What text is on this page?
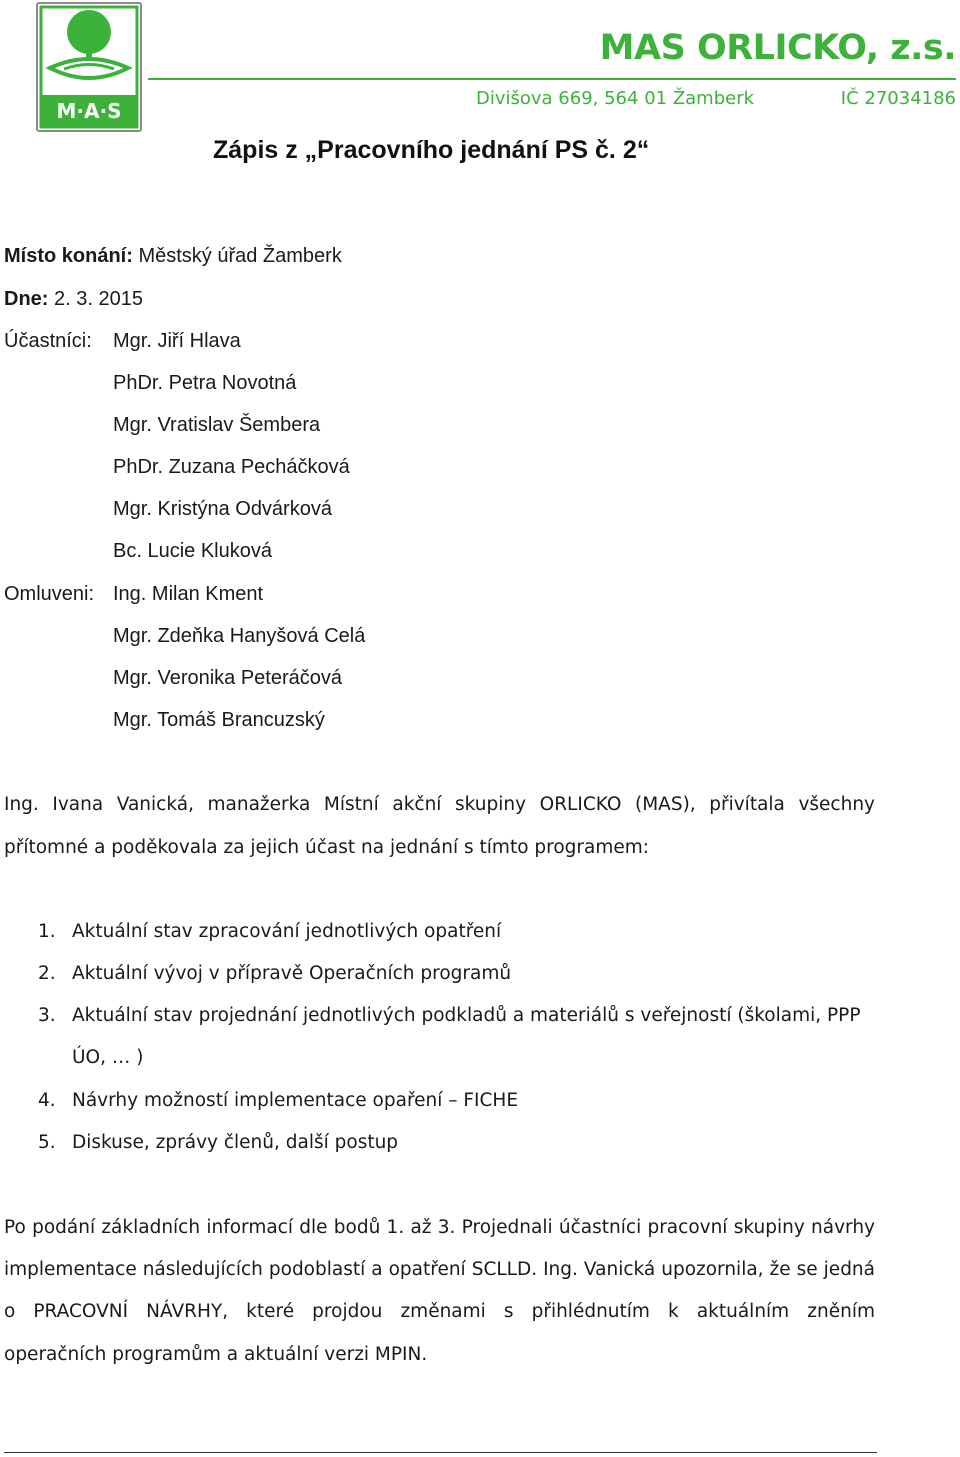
M·A·S
MAS ORLICKO, z.s.
Divišova 669, 564 01 Žamberk	IČ 27034186
Zápis z „Pracovního jednání PS č. 2“
Místo konání: Městský úřad Žamberk
Dne: 2. 3. 2015
Účastníci: Mgr. Jiří Hlava
PhDr. Petra Novotná
Mgr. Vratislav Šembera
PhDr. Zuzana Pecháčková
Mgr. Kristýna Odvárková
Bc. Lucie Kluková
Omluveni: Ing. Milan Kment
Mgr. Zdeňka Hanyšová Celá
Mgr. Veronika Peteráčová
Mgr. Tomáš Brancuzský
Ing. Ivana Vanická, manažerka Místní akční skupiny ORLICKO (MAS), přivítala všechny
přítomné a poděkovala za jejich účast na jednání s tímto programem:
1. Aktuální stav zpracování jednotlivých opatření
2. Aktuální vývoj v přípravě Operačních programů
3. Aktuální stav projednání jednotlivých podkladů a materiálů s veřejností (školami, PPP
ÚO, … )
4. Návrhy možností implementace opaření – FICHE
5. Diskuse, zprávy členů, další postup
Po podání základních informací dle bodů 1. až 3. Projednali účastníci pracovní skupiny návrhy
implementace následujících podoblastí a opatření SCLLD. Ing. Vanická upozornila, že se jedná
o PRACOVNÍ NÁVRHY, které projdou změnami s přihlédnutím k aktuálním zněním
operačních programům a aktuální verzi MPIN.
